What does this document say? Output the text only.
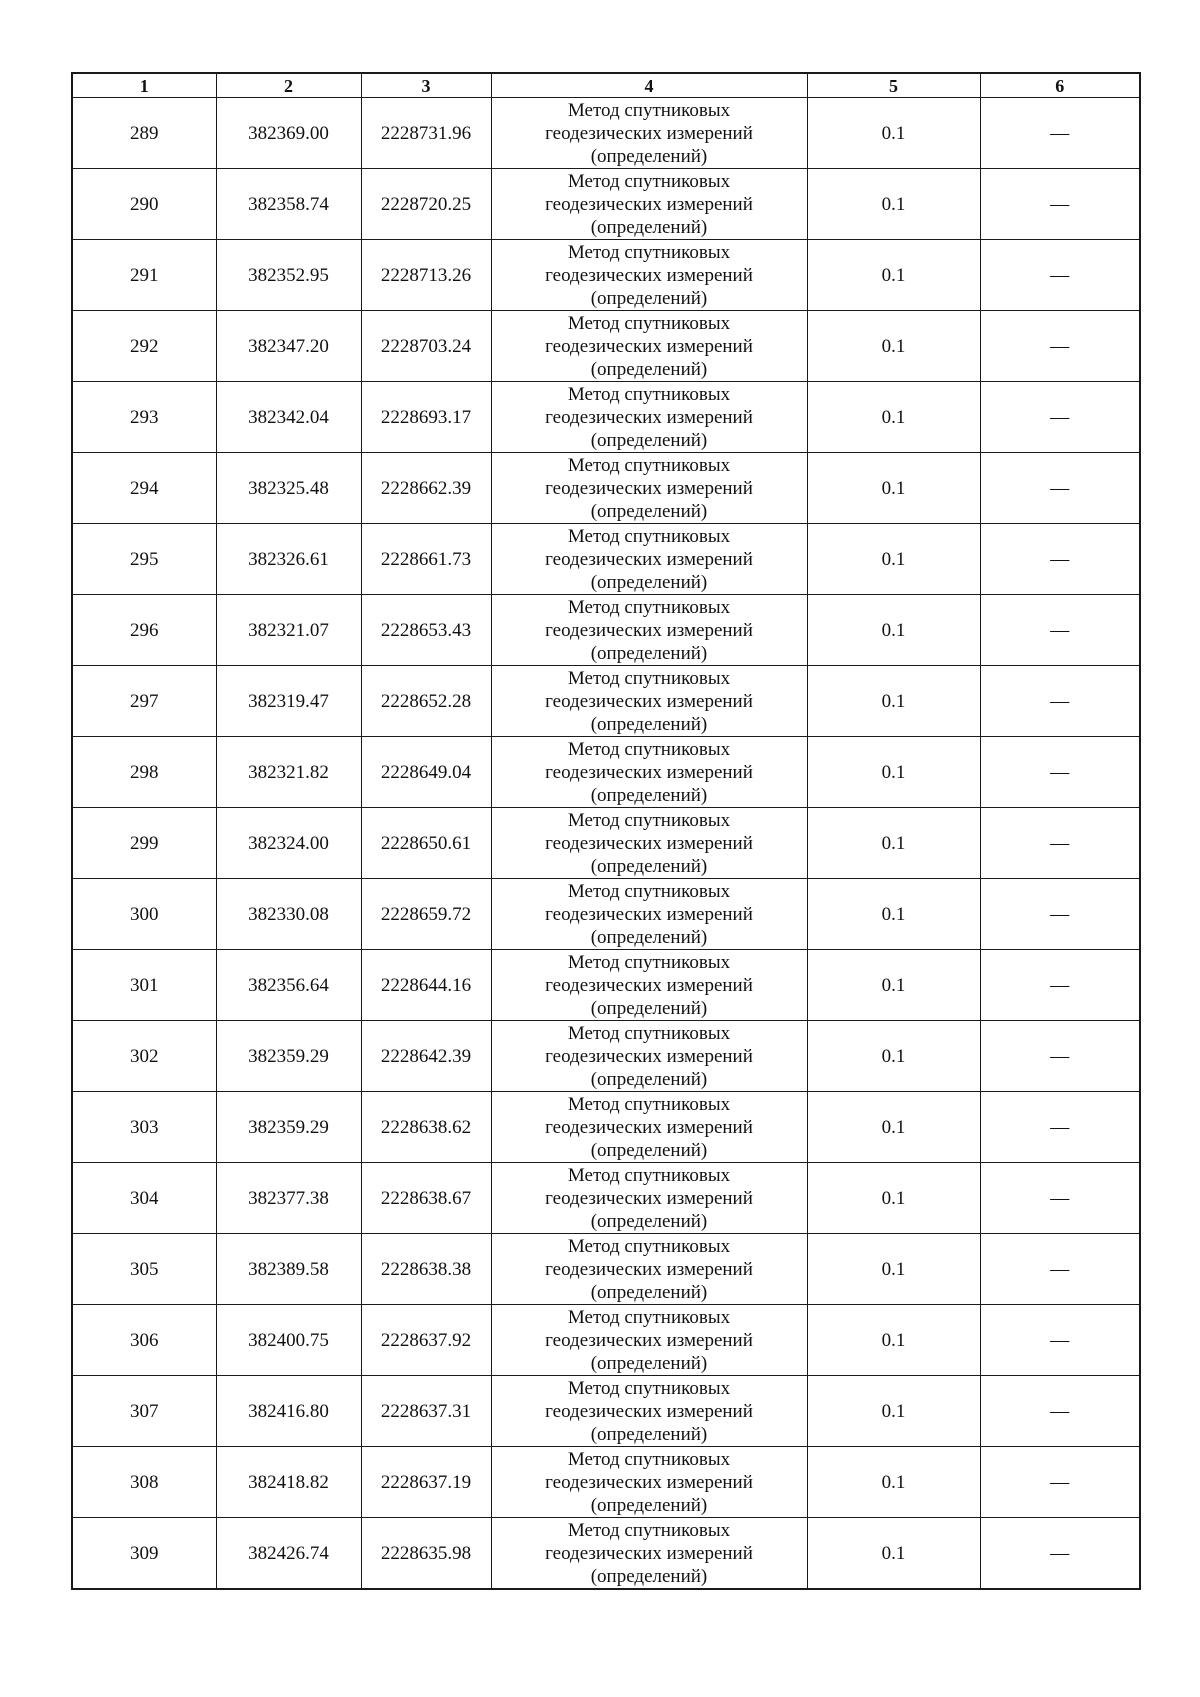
1	2	3	4	5	6
289	382369.00	2228731.96	Метод спутниковых
геодезических измерений
(определений)	0.1	—
290	382358.74	2228720.25	Метод спутниковых
геодезических измерений
(определений)	0.1	—
291	382352.95	2228713.26	Метод спутниковых
геодезических измерений
(определений)	0.1	—
292	382347.20	2228703.24	Метод спутниковых
геодезических измерений
(определений)	0.1	—
293	382342.04	2228693.17	Метод спутниковых
геодезических измерений
(определений)	0.1	—
294	382325.48	2228662.39	Метод спутниковых
геодезических измерений
(определений)	0.1	—
295	382326.61	2228661.73	Метод спутниковых
геодезических измерений
(определений)	0.1	—
296	382321.07	2228653.43	Метод спутниковых
геодезических измерений
(определений)	0.1	—
297	382319.47	2228652.28	Метод спутниковых
геодезических измерений
(определений)	0.1	—
298	382321.82	2228649.04	Метод спутниковых
геодезических измерений
(определений)	0.1	—
299	382324.00	2228650.61	Метод спутниковых
геодезических измерений
(определений)	0.1	—
300	382330.08	2228659.72	Метод спутниковых
геодезических измерений
(определений)	0.1	—
301	382356.64	2228644.16	Метод спутниковых
геодезических измерений
(определений)	0.1	—
302	382359.29	2228642.39	Метод спутниковых
геодезических измерений
(определений)	0.1	—
303	382359.29	2228638.62	Метод спутниковых
геодезических измерений
(определений)	0.1	—
304	382377.38	2228638.67	Метод спутниковых
геодезических измерений
(определений)	0.1	—
305	382389.58	2228638.38	Метод спутниковых
геодезических измерений
(определений)	0.1	—
306	382400.75	2228637.92	Метод спутниковых
геодезических измерений
(определений)	0.1	—
307	382416.80	2228637.31	Метод спутниковых
геодезических измерений
(определений)	0.1	—
308	382418.82	2228637.19	Метод спутниковых
геодезических измерений
(определений)	0.1	—
309	382426.74	2228635.98	Метод спутниковых
геодезических измерений
(определений)	0.1	—
